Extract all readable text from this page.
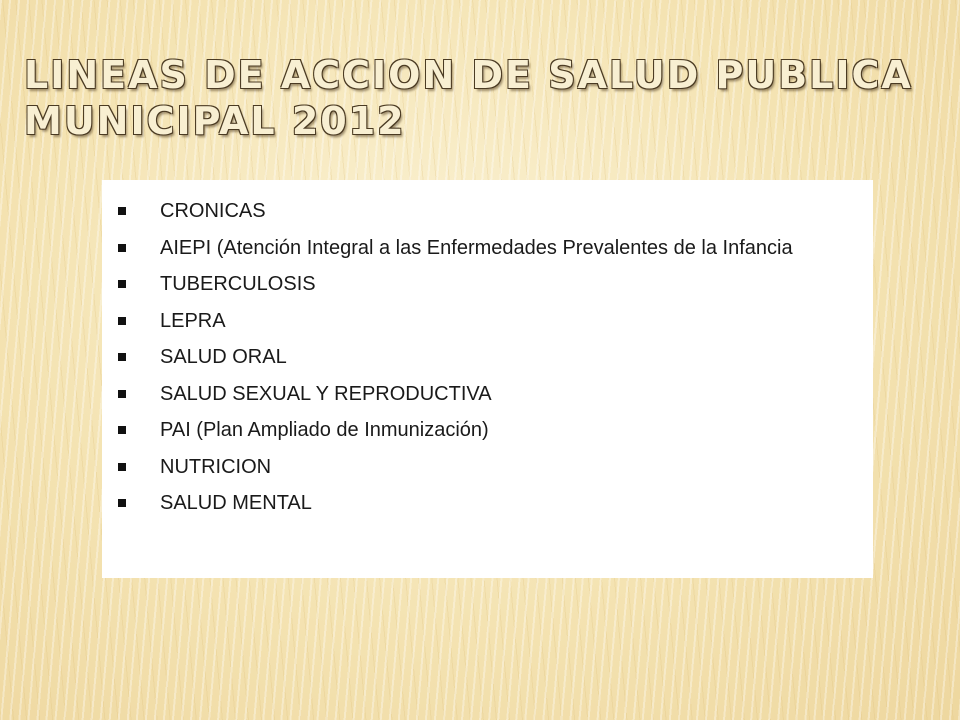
LINEAS DE ACCION DE SALUD PUBLICA
MUNICIPAL 2012
CRONICAS
AIEPI (Atención Integral a las Enfermedades Prevalentes de la Infancia
TUBERCULOSIS
LEPRA
SALUD ORAL
SALUD SEXUAL Y REPRODUCTIVA
PAI (Plan Ampliado de Inmunización)
NUTRICION
SALUD MENTAL
